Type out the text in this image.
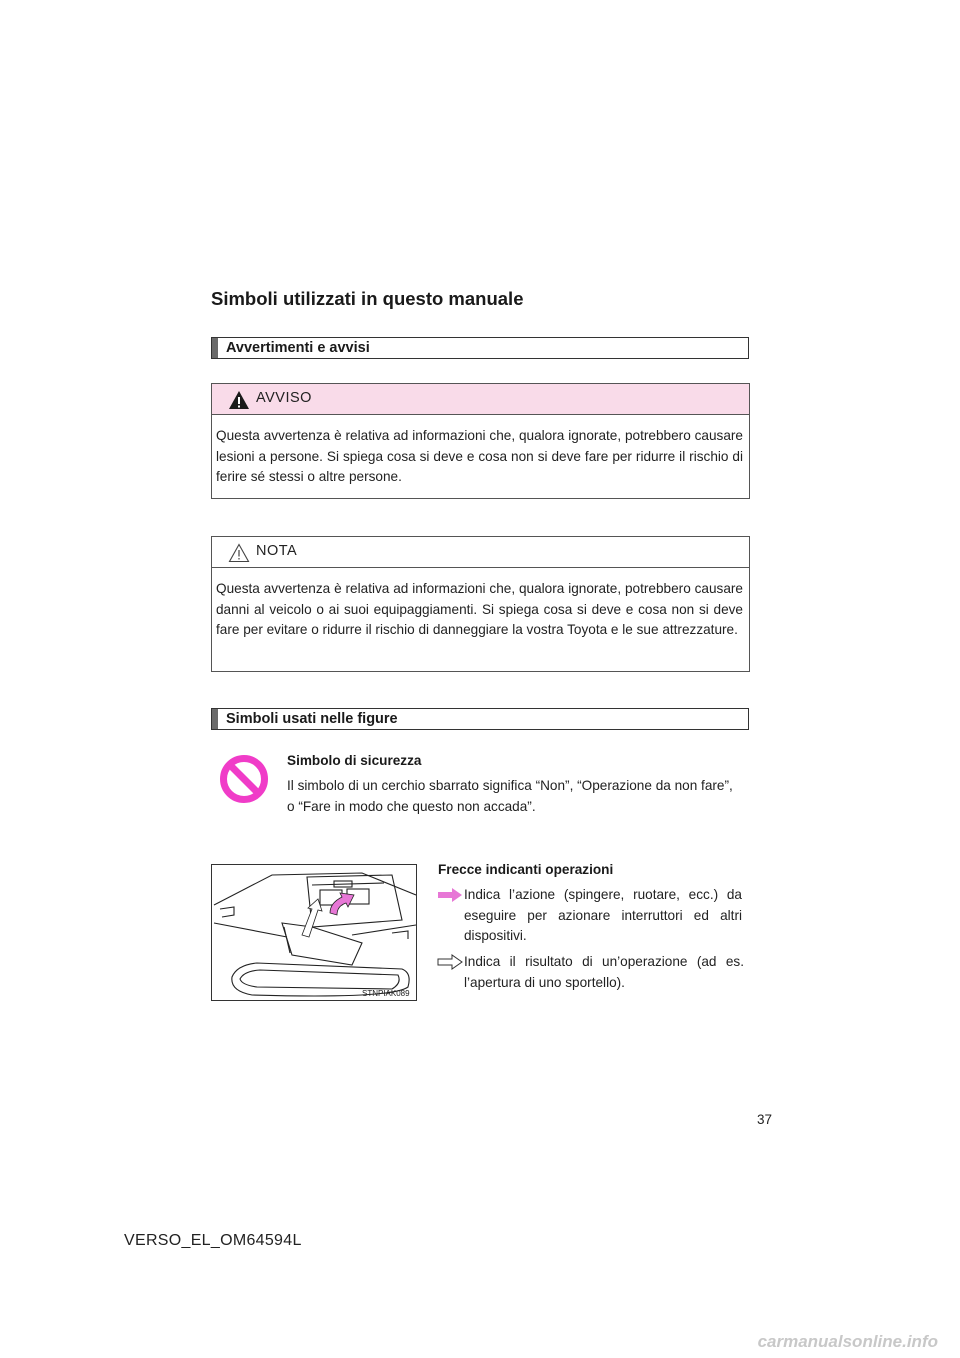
Simboli utilizzati in questo manuale
Avvertimenti e avvisi
AVVISO
Questa avvertenza è relativa ad informazioni che, qualora ignorate, potrebbero causare lesioni a persone. Si spiega cosa si deve e cosa non si deve fare per ridurre il rischio di ferire sé stessi o altre persone.
NOTA
Questa avvertenza è relativa ad informazioni che, qualora ignorate, potrebbero causare danni al veicolo o ai suoi equipaggiamenti. Si spiega cosa si deve e cosa non si deve fare per evitare o ridurre il rischio di danneggiare la vostra Toyota e le sue attrezzature.
Simboli usati nelle figure
Simbolo di sicurezza
Il simbolo di un cerchio sbarrato significa “Non”, “Operazione da non fare”, o “Fare in modo che questo non accada”.
STNPIAK089
Frecce indicanti operazioni
Indica l’azione (spingere, ruotare, ecc.) da eseguire per azionare interruttori ed altri dispositivi.
Indica il risultato di un’operazione (ad es. l’apertura di uno sportello).
37
VERSO_EL_OM64594L
carmanualsonline.info
